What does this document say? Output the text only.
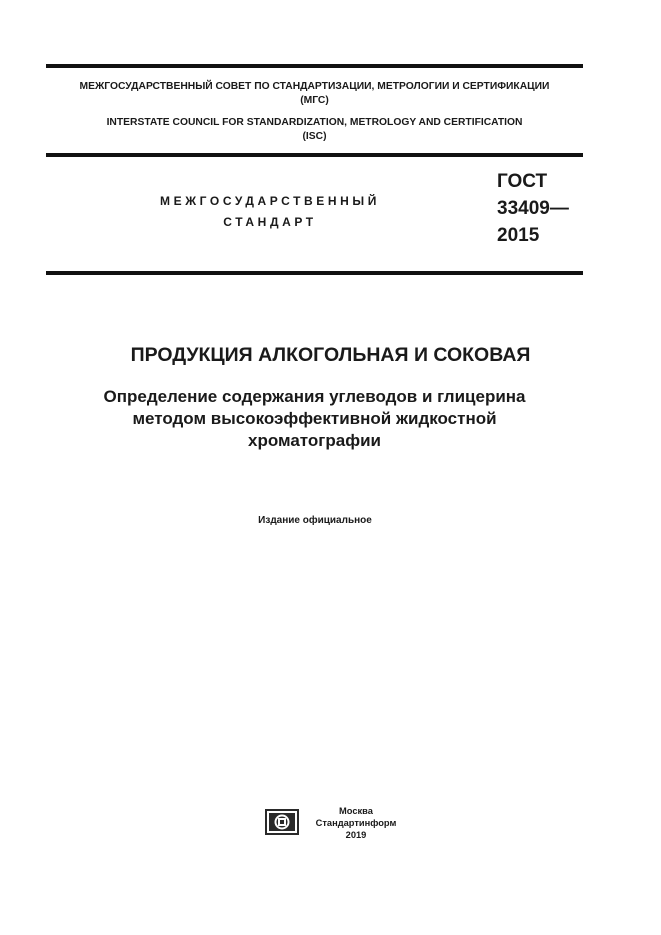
МЕЖГОСУДАРСТВЕННЫЙ СОВЕТ ПО СТАНДАРТИЗАЦИИ, МЕТРОЛОГИИ И СЕРТИФИКАЦИИ
(МГС)
INTERSTATE COUNCIL FOR STANDARDIZATION, METROLOGY AND CERTIFICATION
(ISC)
МЕЖГОСУДАРСТВЕННЫЙ
СТАНДАРТ
ГОСТ
33409—
2015
ПРОДУКЦИЯ АЛКОГОЛЬНАЯ И СОКОВАЯ
Определение содержания углеводов и глицерина
методом высокоэффективной жидкостной
хроматографии
Издание официальное
Москва
Стандартинформ
2019
